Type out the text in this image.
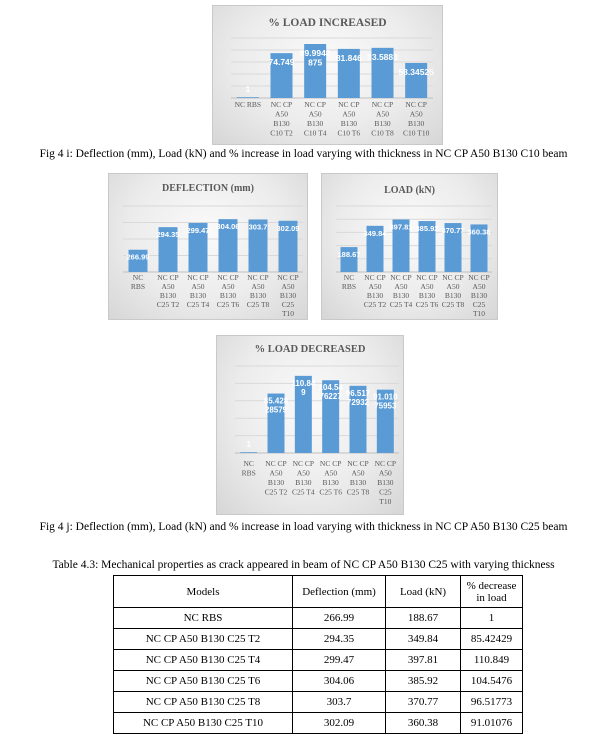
% LOAD INCREASED
1
NC RBS
74.749
NC CP
A50
B130
C10 T2
89.9948
875
NC CP
A50
B130
C10 T4
81.846
NC CP
A50
B130
C10 T6
83.5883
NC CP
A50
B130
C10 T8
58.34525
NC CP
A50
B130
C10 T10
Fig 4 i: Deflection (mm), Load (kN) and % increase in load varying with thickness in NC CP A50 B130 C10 beam
DEFLECTION (mm)
266.99
NC
RBS
294.35
NC CP
A50
B130
C25 T2
299.47
NC CP
A50
B130
C25 T4
304.06
NC CP
A50
B130
C25 T6
303.7
NC CP
A50
B130
C25 T8
302.09
NC CP
A50
B130
C25
T10
LOAD (kN)
188.67
NC
RBS
349.84
NC CP
A50
B130
C25 T2
397.81
NC CP
A50
B130
C25 T4
385.92
NC CP
A50
B130
C25 T6
370.77
NC CP
A50
B130
C25 T8
360.38
NC CP
A50
B130
C25
T10
% LOAD DECREASED
1
NC
RBS
85.428
28579
NC CP
A50
B130
C25 T2
110.84
9
NC CP
A50
B130
C25 T4
104.54
76227
NC CP
A50
B130
C25 T6
96.517
72932
NC CP
A50
B130
C25 T8
91.010
75953
NC CP
A50
B130
C25
T10
Fig 4 j: Deflection (mm), Load (kN) and % increase in load varying with thickness in NC CP A50 B130 C25 beam
Table 4.3: Mechanical properties as crack appeared in beam of NC CP A50 B130 C25 with varying thickness
Models	Deflection (mm)	Load (kN)	% decrease in load
NC RBS	266.99	188.67	1
NC CP A50 B130 C25 T2	294.35	349.84	85.42429
NC CP A50 B130 C25 T4	299.47	397.81	110.849
NC CP A50 B130 C25 T6	304.06	385.92	104.5476
NC CP A50 B130 C25 T8	303.7	370.77	96.51773
NC CP A50 B130 C25 T10	302.09	360.38	91.01076
